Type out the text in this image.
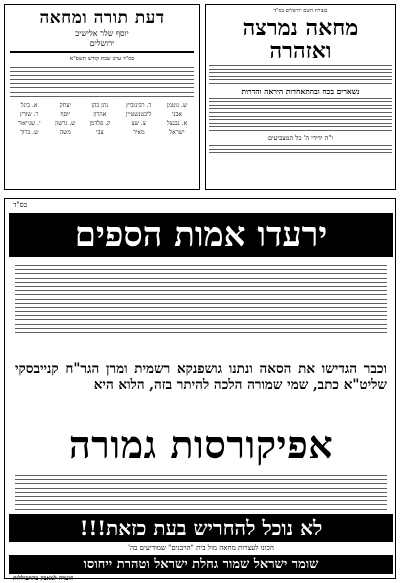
דעת תורה ומחאה
יוסף שלר אלישיב
ירושלים
בס"ד ערב שבת קודש תשפ"א
ש. גוטמן	ד. רבינוביץ	נתן כהן	יצחק	א. ביגל
אבני	ליכטנשטיין	אהרון	יוסף	ר. שורץ
א. נבנצל	צ. שצ	ק. פלדמן	ש. גרשון	י. שנייאור
ישראל	מאיר	צבי	משה	ש. ברוך
בעזרת השם ירושלים בס"ד
מחאה נמרצה
ואזהרה
נשארים בכח ובהתאחדות היראה והדרות
ו"ה ידידי ה' כל המצביעים
בס"ד
ירעדו אמות הספים
וכבר הגדישו את הסאה ונתנו גושפנקא רשמית ומרן הגר"ח קנייבסקי שליט"א כתב, שמי שמורה הלכה להיתר בזה, הלוא היא
אפיקורסות גמורה
לא נוכל להחריש בעת כזאת!!!
הכונו לעצרות מחאה מול בית "הרבנים" שמודיעים בה'
שומר ישראל שמור גחלת ישראל וטהרת ייחוסו
הועדה למאבק בהתבוללות
